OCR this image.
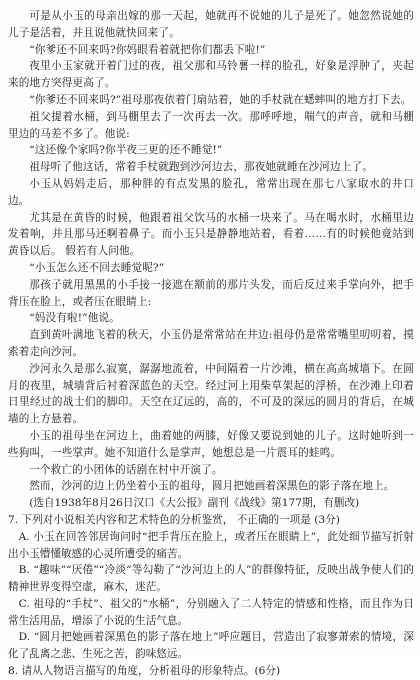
可是从小玉的母亲出嫁的那一天起，她就再不说她的儿子是死了。她忽然说她的儿子是活着，并且说他就快回来了。

“你爹还不回来吗?你妈眼看着就把你们都丢下啦!”

夜里小玉家就开着门过的夜，祖父那和马铃薯一样的脸孔，好象是浮肿了，夹起来的地方突得更高了。

“你爹还不回来吗?”祖母那夜依着门扇站着，她的手杖就在蟋蟀叫的地方打下去。

祖父提着水桶，到马棚里去了一次再去一次。那呼呼地，喘气的声音，就和马棚里边的马差不多了。他说:

“这还像个家吗?你半夜三更的还不睡觉!”

祖母听了他这话，常着手杖就跑到沙河边去，那夜她就睡在沙河边上了。

小玉从妈妈走后，那种胖的有点发黑的脸孔，常常出现在那七八家取水的井口边。

尤其是在黄昏的时候，他跟着祖父饮马的水桶一块来了。马在喝水时，水桶里边发着响，并且那马还啊着鼻子。而小玉只是静静地站着，看着……有的时候他竟站到黄昏以后。 假若有人问他。

“小玉怎么还不回去睡觉呢?”

那孩子就用黑黑的小手接一接遮在额前的那片头发，而后反过来手掌向外，把手背压在脸上，或者压在眼睛上:

“妈没有啦!”他说。

直到黄叶满地飞着的秋天，小玉仍是常常站在井边:祖母仍是常常嘴里叨叨着，摸索着走向沙河。

沙河永久是那么寂寞，潺潺地流着，中间隔着一片沙滩，横在高高城墙下。在圆月的夜里，城墙背后衬着深蓝色的天空。经过河上用柴草架起的浮桥，在沙滩上印着日里经过的战士们的脚印。天空在辽远的，高的，不可及的深远的圆月的背后，在城墙的上方悬着。

小玉的祖母坐在河边上，曲着她的两膝，好像又要说到她的儿子。这时她听到一些狗叫，一些掌声。她不知道什么是掌声，她想总是一片震耳的蛙鸣。

一个救亡的小团体的话剧在村中开演了。

然而，沙河的边上仍坐着小玉的祖母，圆月把她画着深黑色的影子落在地上。

(选自1938年8月26日汉口《大公报》副刊《战线》第177期，有删改)

7. 下列对小说相关内容和艺术特色的分析鉴赏， 不正确的一项是 (3分)

A. 小玉在回答邻居询问时“把手背压在脸上，或者压在眼睛上”，此处细节描写折射出小玉懵懂敏感的心灵所遭受的痛苦。

B. “趣味”“厌倦”“冷淡”等勾勒了“沙河边上的人”的群像特征，反映出战争使人们的精神世界变得空虚，麻木，迷茫。

C. 祖母的“手杖”、祖父的“水桶”，分别融入了二人特定的情感和性格，而且作为日常生活用品，增添了小说的生活气息。

D. “圆月把她画着深黑色的影子落在地上”呼应题目，营造出了寂寥萧索的情境，深化了乱离之悲、生死之苦，韵味悠远。

8. 请从人物语言描写的角度，分析祖母的形象特点。(6分)
